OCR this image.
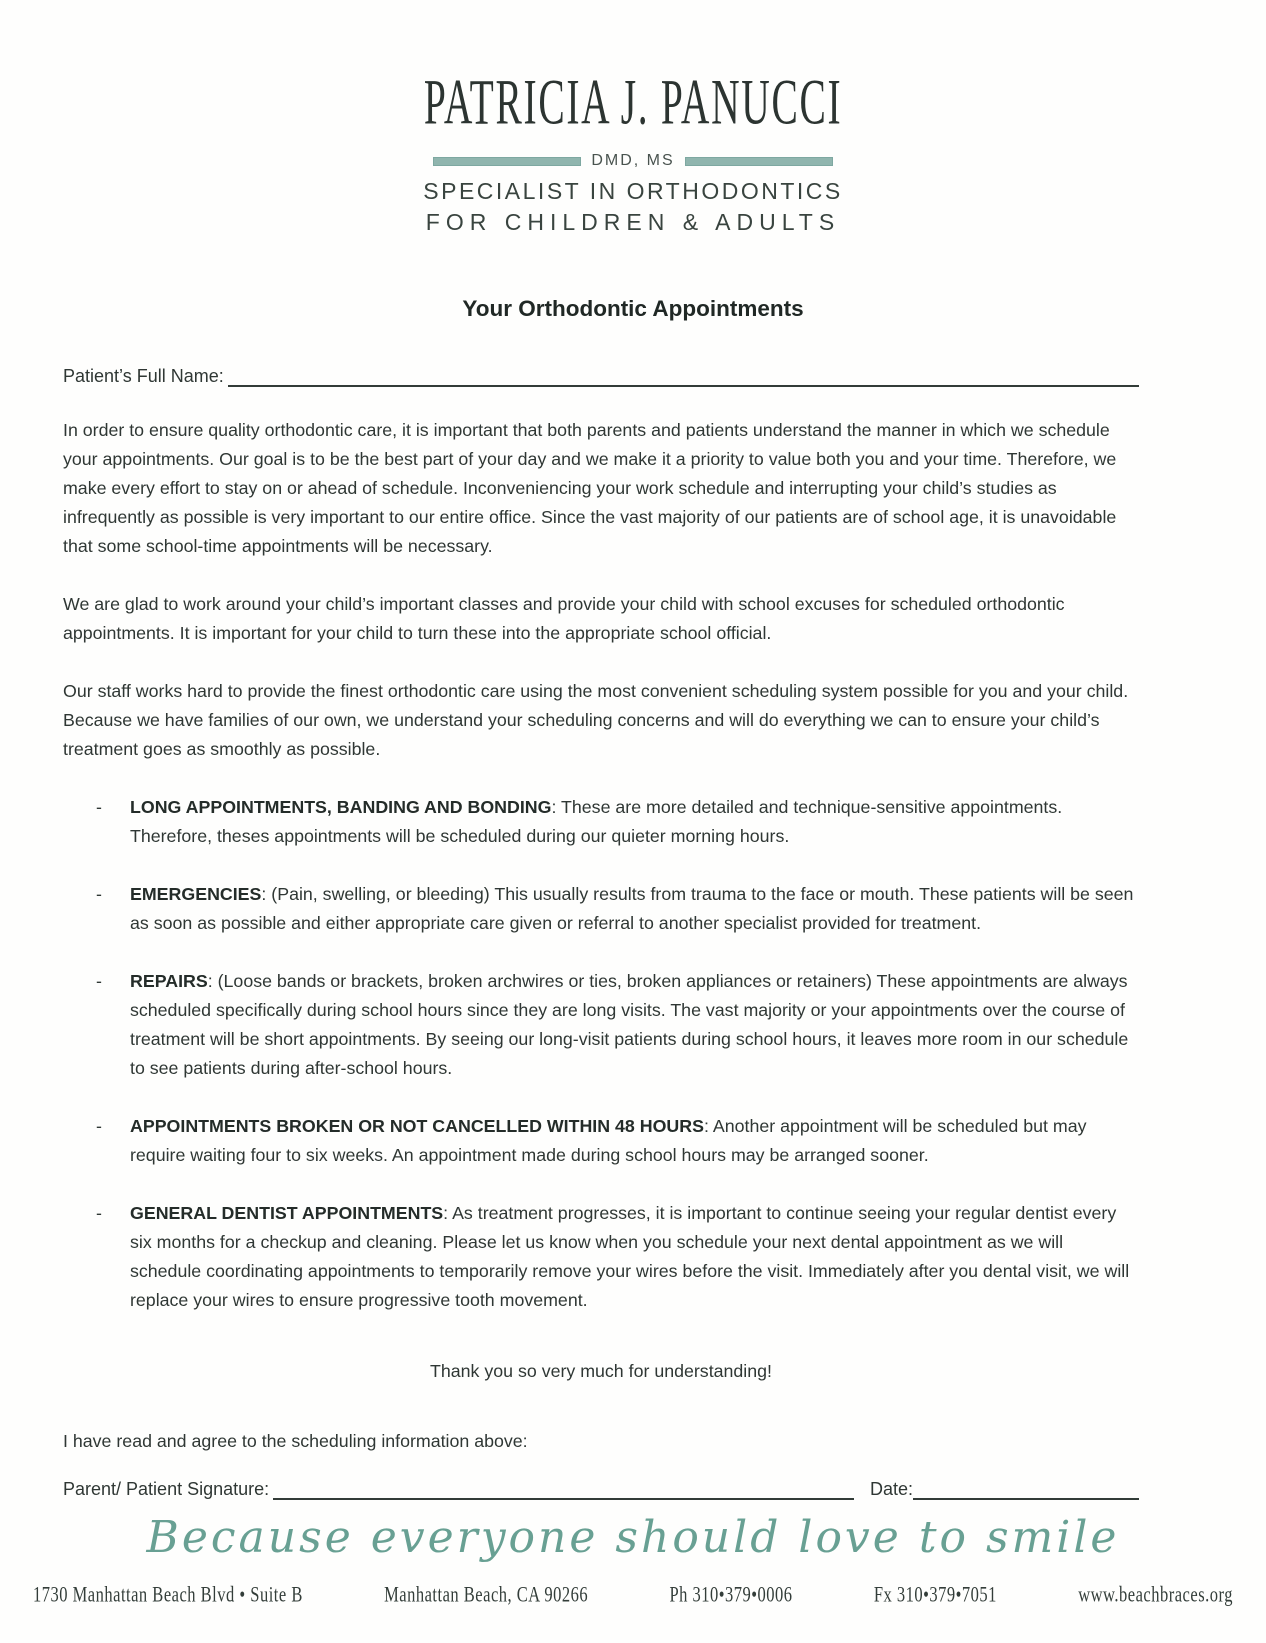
PATRICIA J. PANUCCI
DMD, MS
SPECIALIST IN ORTHODONTICS
FOR CHILDREN & ADULTS
Your Orthodontic Appointments
Patient’s Full Name:

In order to ensure quality orthodontic care, it is important that both parents and patients understand the manner in which we schedule your appointments. Our goal is to be the best part of your day and we make it a priority to value both you and your time. Therefore, we make every effort to stay on or ahead of schedule. Inconveniencing your work schedule and interrupting your child’s studies as infrequently as possible is very important to our entire office. Since the vast majority of our patients are of school age, it is unavoidable that some school-time appointments will be necessary.

We are glad to work around your child’s important classes and provide your child with school excuses for scheduled orthodontic appointments. It is important for your child to turn these into the appropriate school official.

Our staff works hard to provide the finest orthodontic care using the most convenient scheduling system possible for you and your child. Because we have families of our own, we understand your scheduling concerns and will do everything we can to ensure your child’s treatment goes as smoothly as possible.

-	LONG APPOINTMENTS, BANDING AND BONDING: These are more detailed and technique-sensitive appointments. Therefore, theses appointments will be scheduled during our quieter morning hours.

-	EMERGENCIES: (Pain, swelling, or bleeding) This usually results from trauma to the face or mouth. These patients will be seen as soon as possible and either appropriate care given or referral to another specialist provided for treatment.

-	REPAIRS: (Loose bands or brackets, broken archwires or ties, broken appliances or retainers) These appointments are always scheduled specifically during school hours since they are long visits. The vast majority or your appointments over the course of treatment will be short appointments. By seeing our long-visit patients during school hours, it leaves more room in our schedule to see patients during after-school hours.

-	APPOINTMENTS BROKEN OR NOT CANCELLED WITHIN 48 HOURS: Another appointment will be scheduled but may require waiting four to six weeks. An appointment made during school hours may be arranged sooner.

-	GENERAL DENTIST APPOINTMENTS: As treatment progresses, it is important to continue seeing your regular dentist every six months for a checkup and cleaning. Please let us know when you schedule your next dental appointment as we will schedule coordinating appointments to temporarily remove your wires before the visit. Immediately after you dental visit, we will replace your wires to ensure progressive tooth movement.

Thank you so very much for understanding!

I have read and agree to the scheduling information above:

Parent/ Patient Signature:	Date:
Because everyone should love to smile
1730 Manhattan Beach Blvd • Suite B	Manhattan Beach, CA 90266	Ph 310•379•0006	Fx 310•379•7051	www.beachbraces.org
